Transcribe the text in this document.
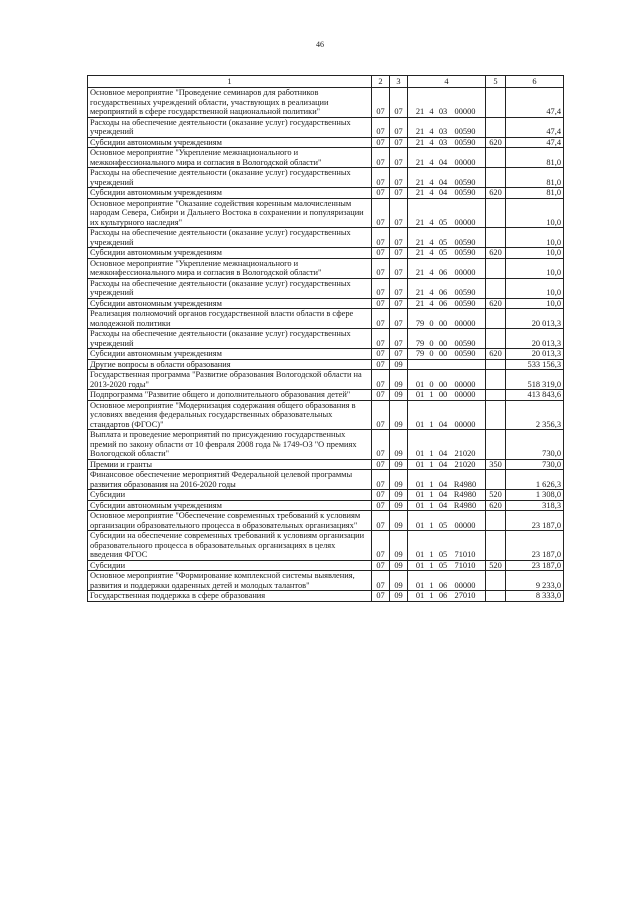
46
1	2	3	4	5	6
Основное мероприятие "Проведение семинаров для работников государственных учреждений области, участвующих в реализации мероприятий в сфере государственной национальной политики"	07	07	21 4 03 00000		47,4
Расходы на обеспечение деятельности (оказание услуг) государственных учреждений	07	07	21 4 03 00590		47,4
Субсидии автономным учреждениям	07	07	21 4 03 00590	620	47,4
Основное мероприятие "Укрепление межнационального и межконфессионального мира и согласия в Вологодской области"	07	07	21 4 04 00000		81,0
Расходы на обеспечение деятельности (оказание услуг) государственных учреждений	07	07	21 4 04 00590		81,0
Субсидии автономным учреждениям	07	07	21 4 04 00590	620	81,0
Основное мероприятие "Оказание содействия коренным малочисленным народам Севера, Сибири и Дальнего Востока в сохранении и популяризации их культурного наследия"	07	07	21 4 05 00000		10,0
Расходы на обеспечение деятельности (оказание услуг) государственных учреждений	07	07	21 4 05 00590		10,0
Субсидии автономным учреждениям	07	07	21 4 05 00590	620	10,0
Основное мероприятие "Укрепление межнационального и межконфессионального мира и согласия в Вологодской области"	07	07	21 4 06 00000		10,0
Расходы на обеспечение деятельности (оказание услуг) государственных учреждений	07	07	21 4 06 00590		10,0
Субсидии автономным учреждениям	07	07	21 4 06 00590	620	10,0
Реализация полномочий органов государственной власти области в сфере молодежной политики	07	07	79 0 00 00000		20 013,3
Расходы на обеспечение деятельности (оказание услуг) государственных учреждений	07	07	79 0 00 00590		20 013,3
Субсидии автономным учреждениям	07	07	79 0 00 00590	620	20 013,3
Другие вопросы в области образования	07	09			533 156,3
Государственная программа "Развитие образования Вологодской области на 2013-2020 годы"	07	09	01 0 00 00000		518 319,0
Подпрограмма "Развитие общего и дополнительного образования детей"	07	09	01 1 00 00000		413 843,6
Основное мероприятие "Модернизация содержания общего образования в условиях введения федеральных государственных образовательных стандартов (ФГОС)"	07	09	01 1 04 00000		2 356,3
Выплата и проведение мероприятий по присуждению государственных премий по закону области от 10 февраля 2008 года № 1749-ОЗ "О премиях Вологодской области"	07	09	01 1 04 21020		730,0
Премии и гранты	07	09	01 1 04 21020	350	730,0
Финансовое обеспечение мероприятий Федеральной целевой программы развития образования на 2016-2020 годы	07	09	01 1 04 R4980		1 626,3
Субсидии	07	09	01 1 04 R4980	520	1 308,0
Субсидии автономным учреждениям	07	09	01 1 04 R4980	620	318,3
Основное мероприятие "Обеспечение современных требований к условиям организации образовательного процесса в образовательных организациях"	07	09	01 1 05 00000		23 187,0
Субсидии на обеспечение современных требований к условиям организации образовательного процесса в образовательных организациях в целях введения ФГОС	07	09	01 1 05 71010		23 187,0
Субсидии	07	09	01 1 05 71010	520	23 187,0
Основное мероприятие "Формирование комплексной системы выявления, развития и поддержки одаренных детей и молодых талантов"	07	09	01 1 06 00000		9 233,0
Государственная поддержка в сфере образования	07	09	01 1 06 27010		8 333,0
